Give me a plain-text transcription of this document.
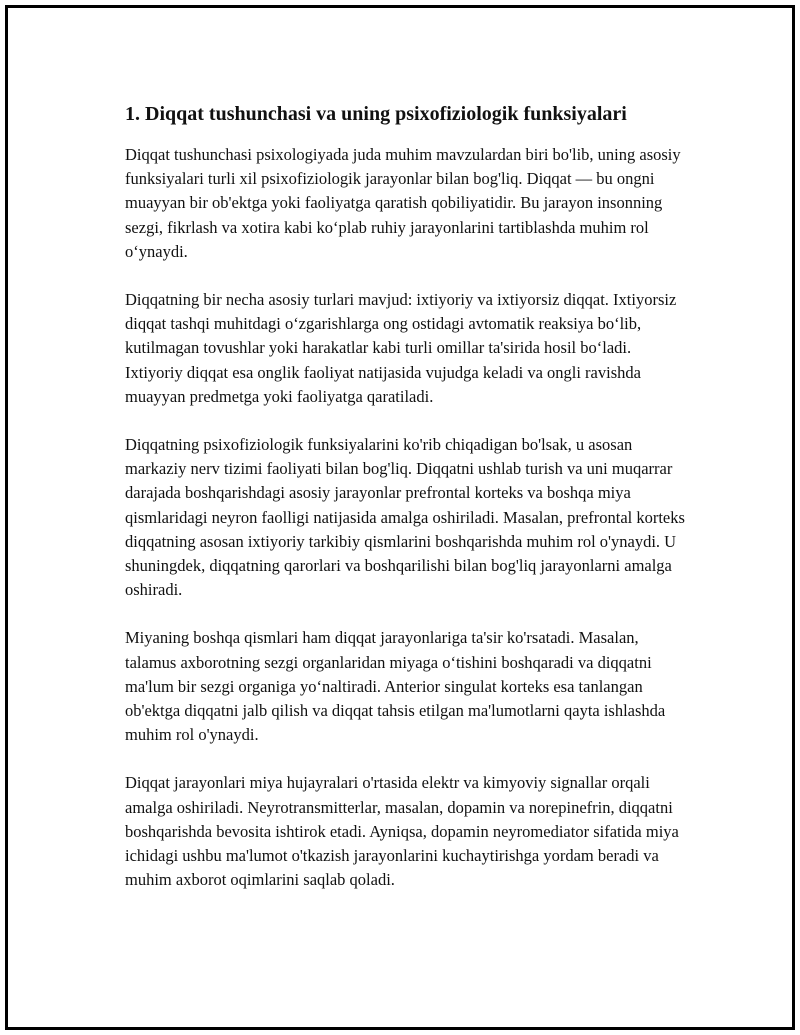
1. Diqqat tushunchasi va uning psixofiziologik funksiyalari

Diqqat tushunchasi psixologiyada juda muhim mavzulardan biri bo'lib, uning asosiy funksiyalari turli xil psixofiziologik jarayonlar bilan bog'liq. Diqqat — bu ongni muayyan bir ob'ektga yoki faoliyatga qaratish qobiliyatidir. Bu jarayon insonning sezgi, fikrlash va xotira kabi ko‘plab ruhiy jarayonlarini tartiblashda muhim rol o‘ynaydi.

Diqqatning bir necha asosiy turlari mavjud: ixtiyoriy va ixtiyorsiz diqqat. Ixtiyorsiz diqqat tashqi muhitdagi o‘zgarishlarga ong ostidagi avtomatik reaksiya bo‘lib, kutilmagan tovushlar yoki harakatlar kabi turli omillar ta'sirida hosil bo‘ladi. Ixtiyoriy diqqat esa onglik faoliyat natijasida vujudga keladi va ongli ravishda muayyan predmetga yoki faoliyatga qaratiladi.

Diqqatning psixofiziologik funksiyalarini ko'rib chiqadigan bo'lsak, u asosan markaziy nerv tizimi faoliyati bilan bog'liq. Diqqatni ushlab turish va uni muqarrar darajada boshqarishdagi asosiy jarayonlar prefrontal korteks va boshqa miya qismlaridagi neyron faolligi natijasida amalga oshiriladi. Masalan, prefrontal korteks diqqatning asosan ixtiyoriy tarkibiy qismlarini boshqarishda muhim rol o'ynaydi. U shuningdek, diqqatning qarorlari va boshqarilishi bilan bog'liq jarayonlarni amalga oshiradi.

Miyaning boshqa qismlari ham diqqat jarayonlariga ta'sir ko'rsatadi. Masalan, talamus axborotning sezgi organlaridan miyaga o‘tishini boshqaradi va diqqatni ma'lum bir sezgi organiga yo‘naltiradi. Anterior singulat korteks esa tanlangan ob'ektga diqqatni jalb qilish va diqqat tahsis etilgan ma'lumotlarni qayta ishlashda muhim rol o'ynaydi.

Diqqat jarayonlari miya hujayralari o'rtasida elektr va kimyoviy signallar orqali amalga oshiriladi. Neyrotransmitterlar, masalan, dopamin va norepinefrin, diqqatni boshqarishda bevosita ishtirok etadi. Ayniqsa, dopamin neyromediator sifatida miya ichidagi ushbu ma'lumot o'tkazish jarayonlarini kuchaytirishga yordam beradi va muhim axborot oqimlarini saqlab qoladi.
